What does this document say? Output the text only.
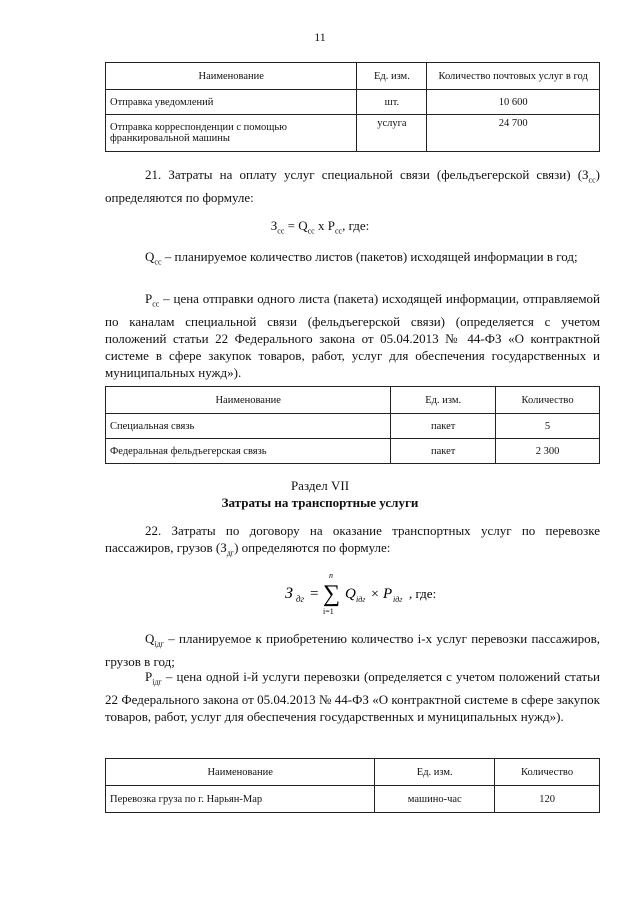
11
Наименование	Ед. изм.	Количество почтовых услуг в год
Отправка уведомлений	шт.	10 600
Отправка корреспонденции с помощью франкировальной машины	услуга	24 700

21. Затраты на оплату услуг специальной связи (фельдъегерской связи) $(З_{сс})$ определяются по формуле:

$З_{сс} = Q_{сс}$ х $Р_{сс}$, где:

$Q_{сс}$ – планируемое количество листов (пакетов) исходящей информации в год;

$Р_{сс}$ – цена отправки одного листа (пакета) исходящей информации, отправляемой по каналам специальной связи (фельдъегерской связи) (определяется с учетом положений статьи 22 Федерального закона от 05.04.2013 № 44-ФЗ «О контрактной системе в сфере закупок товаров, работ, услуг для обеспечения государственных и муниципальных нужд»).

Наименование	Ед. изм.	Количество
Специальная связь	пакет	5
Федеральная фельдъегерская связь	пакет	2 300
Раздел VII
Затраты на транспортные услуги

22. Затраты по договору на оказание транспортных услуг по перевозке пассажиров, грузов $(З_{дг})$ определяются по формуле:

З дг =
n
∑
i=1
Q iдг × P iдг , где:

$Q_{iдг}$ – планируемое к приобретению количество i-х услуг перевозки пассажиров, грузов в год;

$P_{iдг}$ – цена одной i-й услуги перевозки (определяется с учетом положений статьи 22 Федерального закона от 05.04.2013 № 44-ФЗ «О контрактной системе в сфере закупок товаров, работ, услуг для обеспечения государственных и муниципальных нужд»).

Наименование	Ед. изм.	Количество
Перевозка груза по г. Нарьян-Мар	машино-час	120
